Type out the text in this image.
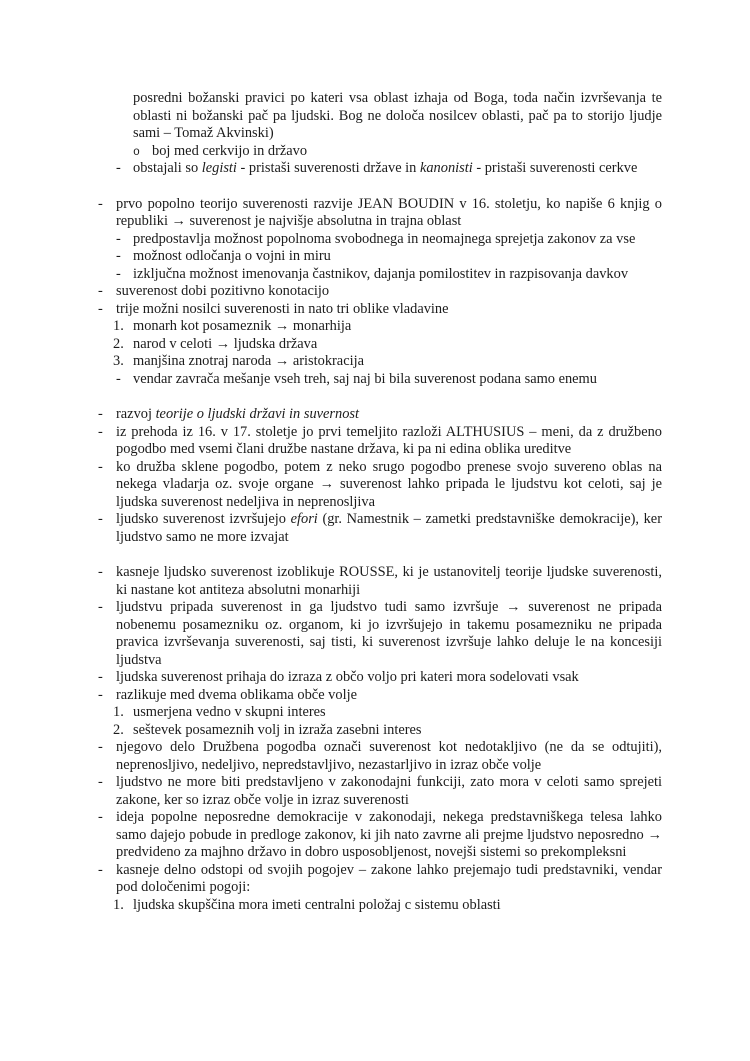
posredni božanski pravici po kateri vsa oblast izhaja od Boga, toda način izvrševanja te oblasti ni božanski pač pa ljudski. Bog ne določa nosilcev oblasti, pač pa to storijo ljudje sami – Tomaž Akvinski)
o boj med cerkvijo in državo
- obstajali so legisti - pristaši suverenosti države in kanonisti - pristaši suverenosti cerkve
- prvo popolno teorijo suverenosti razvije JEAN BOUDIN v 16. stoletju, ko napiše 6 knjig o republiki → suverenost je najvišje absolutna in trajna oblast
- predpostavlja možnost popolnoma svobodnega in neomajnega sprejetja zakonov za vse
- možnost odločanja o vojni in miru
- izključna možnost imenovanja častnikov, dajanja pomilostitev in razpisovanja davkov
- suverenost dobi pozitivno konotacijo
- trije možni nosilci suverenosti in nato tri oblike vladavine
1. monarh kot posameznik → monarhija
2. narod v celoti → ljudska država
3. manjšina znotraj naroda → aristokracija
- vendar zavrača mešanje vseh treh, saj naj bi bila suverenost podana samo enemu
- razvoj teorije o ljudski državi in suvernost
- iz prehoda iz 16. v 17. stoletje jo prvi temeljito razloži ALTHUSIUS – meni, da z družbeno pogodbo med vsemi člani družbe nastane država, ki pa ni edina oblika ureditve
- ko družba sklene pogodbo, potem z neko srugo pogodbo prenese svojo suvereno oblas na nekega vladarja oz. svoje organe → suverenost lahko pripada le ljudstvu kot celoti, saj je ljudska suverenost nedeljiva in neprenosljiva
- ljudsko suverenost izvršujejo efori (gr. Namestnik – zametki predstavniške demokracije), ker ljudstvo samo ne more izvajat
- kasneje ljudsko suverenost izoblikuje ROUSSE, ki je ustanovitelj teorije ljudske suverenosti, ki nastane kot antiteza absolutni monarhiji
- ljudstvu pripada suverenost in ga ljudstvo tudi samo izvršuje → suverenost ne pripada nobenemu posamezniku oz. organom, ki jo izvršujejo in takemu posamezniku ne pripada pravica izvrševanja suverenosti, saj tisti, ki suverenost izvršuje lahko deluje le na koncesiji ljudstva
- ljudska suverenost prihaja do izraza z občo voljo pri kateri mora sodelovati vsak
- razlikuje med dvema oblikama obče volje
1. usmerjena vedno v skupni interes
2. seštevek posameznih volj in izraža zasebni interes
- njegovo delo Družbena pogodba označi suverenost kot nedotakljivo (ne da se odtujiti), neprenosljivo, nedeljivo, nepredstavljivo, nezastarljivo in izraz obče volje
- ljudstvo ne more biti predstavljeno v zakonodajni funkciji, zato mora v celoti samo sprejeti zakone, ker so izraz obče volje in izraz suverenosti
- ideja popolne neposredne demokracije v zakonodaji, nekega predstavniškega telesa lahko samo dajejo pobude in predloge zakonov, ki jih nato zavrne ali prejme ljudstvo neposredno → predvideno za majhno državo in dobro usposobljenost, novejši sistemi so prekompleksni
- kasneje delno odstopi od svojih pogojev – zakone lahko prejemajo tudi predstavniki, vendar pod določenimi pogoji:
1. ljudska skupščina mora imeti centralni položaj c sistemu oblasti
